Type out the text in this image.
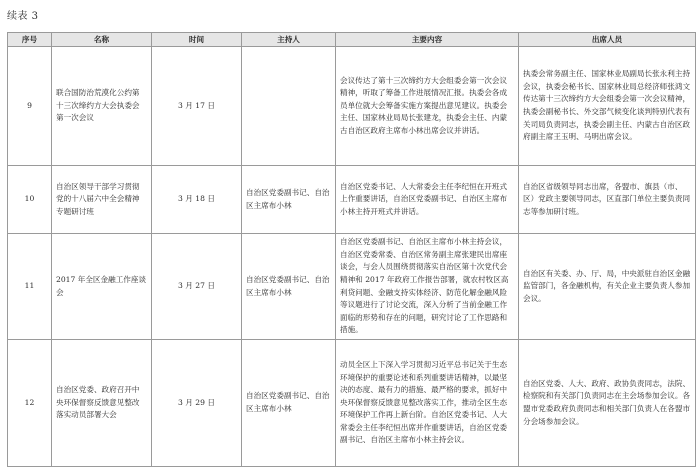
续表 3
序号	名称	时间	主持人	主要内容	出席人员
9	联合国防治荒漠化公约第十三次缔约方大会执委会第一次会议	3 月 17 日		会议传达了第十三次缔约方大会组委会第一次会议精神，听取了筹备工作进展情况汇报。执委会各成员单位就大会筹备实施方案提出意见建议。执委会主任、国家林业局局长张建龙，执委会主任、内蒙古自治区政府主席布小林出席会议并讲话。	执委会常务副主任、国家林业局副局长张永利主持会议，执委会秘书长、国家林业局总经济师张鸿文传达第十三次缔约方大会组委会第一次会议精神，执委会副秘书长、外交部气候变化谈判特别代表有关司局负责同志，执委会副主任、内蒙古自治区政府副主席王玉明、马明出席会议。
10	自治区领导干部学习贯彻党的十八届六中全会精神专题研讨班	3 月 18 日	自治区党委副书记、自治区主席布小林	自治区党委书记、人大常委会主任李纪恒在开班式上作重要讲话，自治区党委副书记、自治区主席布小林主持开班式并讲话。	自治区省级领导同志出席，各盟市、旗县（市、区）党政主要领导同志，区直部门单位主要负责同志等参加研讨班。
11	2017 年全区金融工作座谈会	3 月 27 日	自治区党委副书记、自治区主席布小林	自治区党委副书记、自治区主席布小林主持会议，自治区党委常委、自治区常务副主席张建民出席座谈会，与会人员围绕贯彻落实自治区第十次党代会精神和 2017 年政府工作报告部署，就农村牧区高利贷问题、金融支持实体经济、防范化解金融风险等议题进行了讨论交流，深入分析了当前金融工作面临的形势和存在的问题，研究讨论了工作思路和措施。	自治区有关委、办、厅、局，中央派驻自治区金融监管部门，各金融机构，有关企业主要负责人参加会议。
12	自治区党委、政府召开中央环保督察反馈意见整改落实动员部署大会	3 月 29 日	自治区党委副书记、自治区主席布小林	动员全区上下深入学习贯彻习近平总书记关于生态环境保护的重要论述和系列重要讲话精神，以最坚决的态度、最有力的措施、最严格的要求，抓好中央环保督察反馈意见整改落实工作，推动全区生态环境保护工作再上新台阶。自治区党委书记、人大常委会主任李纪恒出席并作重要讲话，自治区党委副书记、自治区主席布小林主持会议。	自治区党委、人大、政府、政协负责同志，法院、检察院和有关部门负责同志在主会场参加会议。各盟市党委政府负责同志和相关部门负责人在各盟市分会场参加会议。
